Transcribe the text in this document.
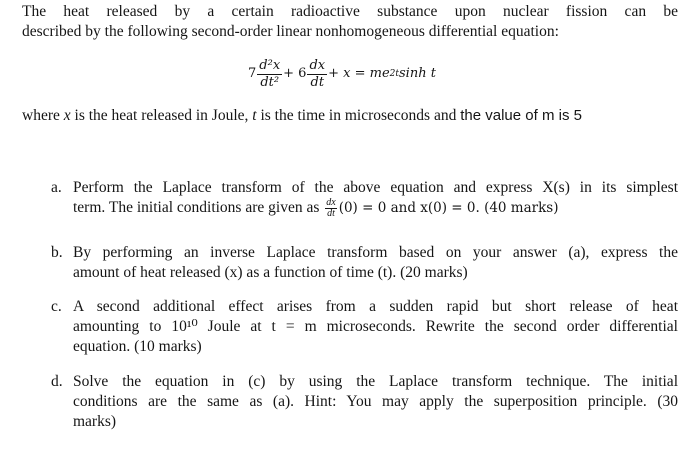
The heat released by a certain radioactive substance upon nuclear fission can be
described by the following second-order linear nonhomogeneous differential equation:
$7 \frac{\text{d²x}}{\text{dt²}} + 6 \frac{dx}{dt} + x$ = me 2t sinh t
where x is the heat released in Joule, t is the time in microseconds and the value of m is 5
a. Perform the Laplace transform of the above equation and express X(s) in its simplest
term. The initial conditions are given as $\frac{dx}{dt} (0) = 0$ and x(0) = 0. (40 marks)
b. By performing an inverse Laplace transform based on your answer (a), express the
amount of heat released (x) as a function of time (t). (20 marks)
c. A second additional effect arises from a sudden rapid but short release of heat
amounting to 10¹⁰ Joule at t = m microseconds. Rewrite the second order differential
equation. (10 marks)
d. Solve the equation in (c) by using the Laplace transform technique. The initial
conditions are the same as (a). Hint: You may apply the superposition principle. (30
marks)
